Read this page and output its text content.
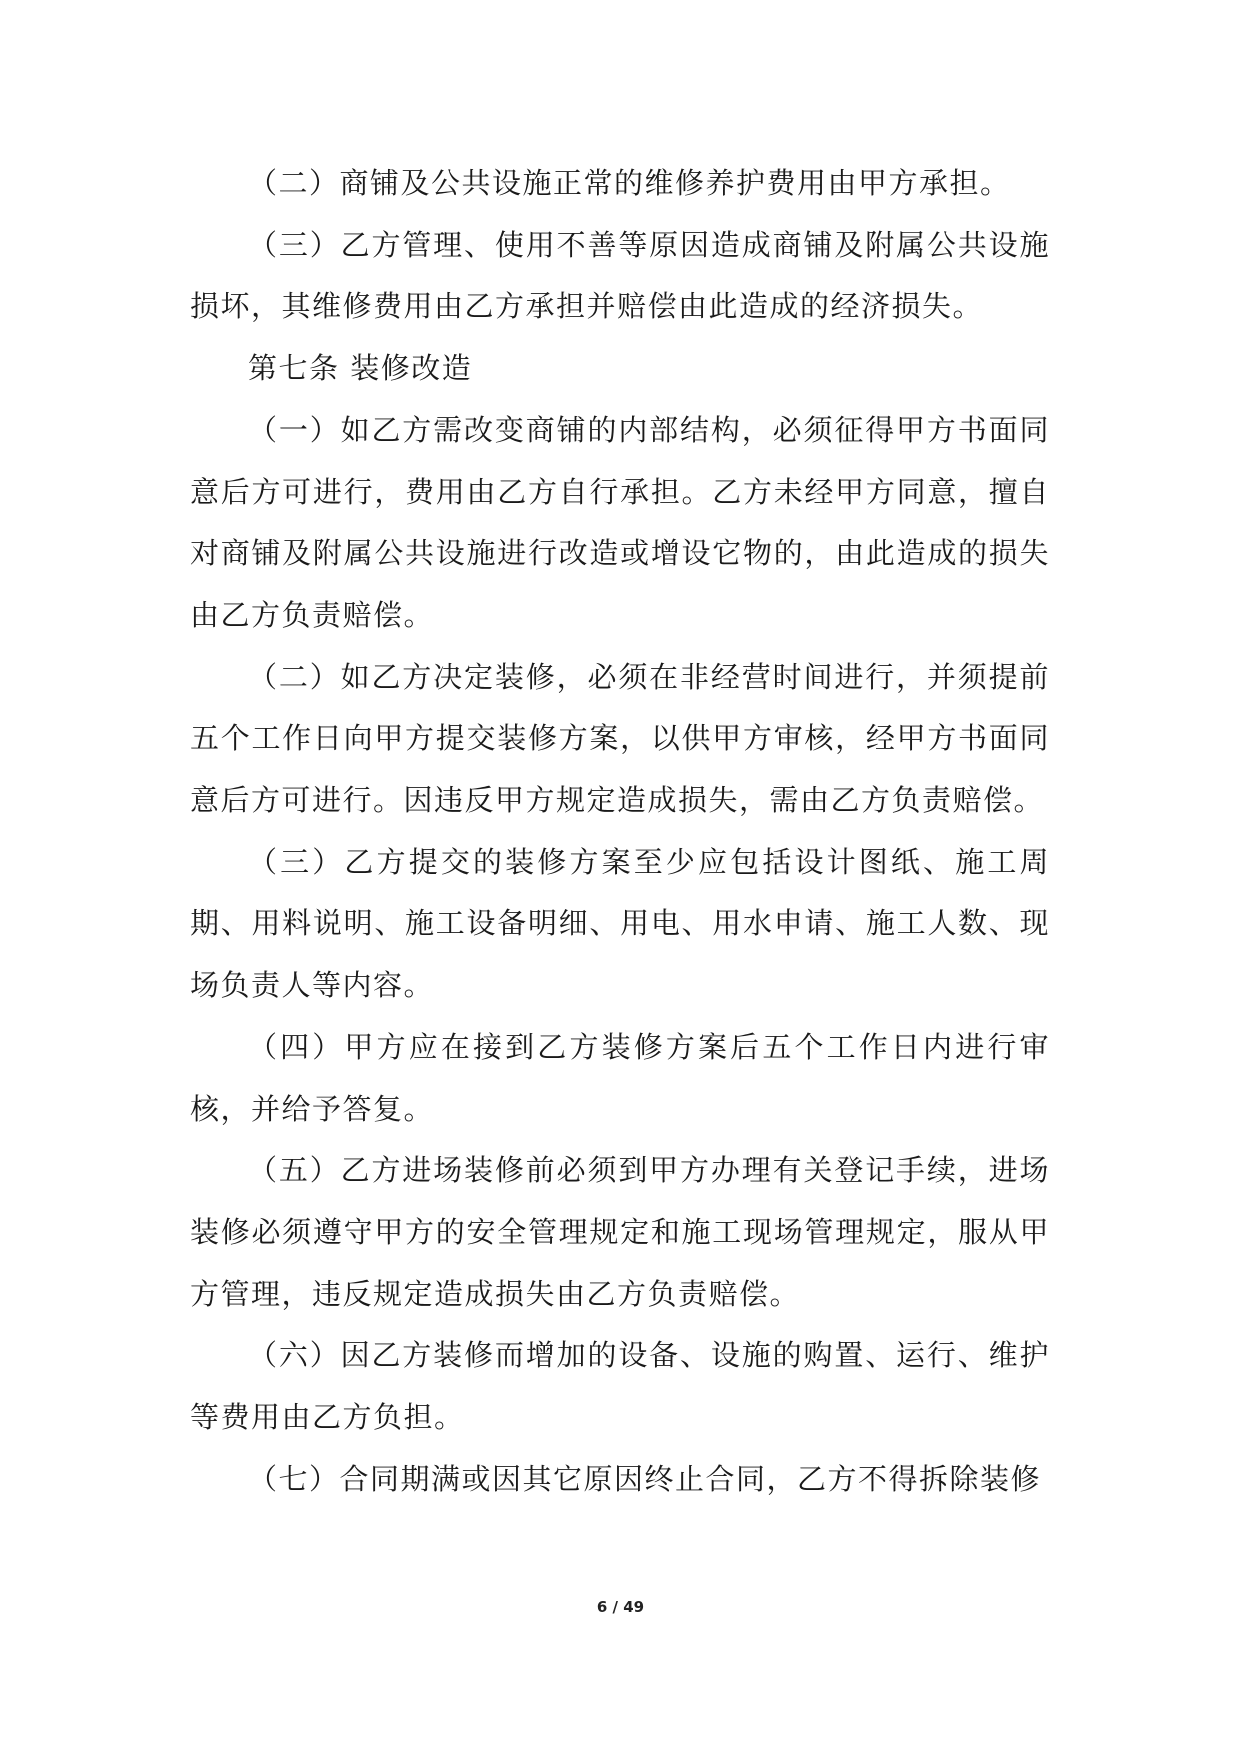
（二）商铺及公共设施正常的维修养护费用由甲方承担。

（三）乙方管理、使用不善等原因造成商铺及附属公共设施损坏，其维修费用由乙方承担并赔偿由此造成的经济损失。

第七条 装修改造

（一）如乙方需改变商铺的内部结构，必须征得甲方书面同意后方可进行，费用由乙方自行承担。乙方未经甲方同意，擅自对商铺及附属公共设施进行改造或增设它物的，由此造成的损失由乙方负责赔偿。

（二）如乙方决定装修，必须在非经营时间进行，并须提前五个工作日向甲方提交装修方案，以供甲方审核，经甲方书面同意后方可进行。因违反甲方规定造成损失，需由乙方负责赔偿。

（三）乙方提交的装修方案至少应包括设计图纸、施工周期、用料说明、施工设备明细、用电、用水申请、施工人数、现场负责人等内容。

（四）甲方应在接到乙方装修方案后五个工作日内进行审核，并给予答复。

（五）乙方进场装修前必须到甲方办理有关登记手续，进场装修必须遵守甲方的安全管理规定和施工现场管理规定，服从甲方管理，违反规定造成损失由乙方负责赔偿。

（六）因乙方装修而增加的设备、设施的购置、运行、维护等费用由乙方负担。

（七）合同期满或因其它原因终止合同，乙方不得拆除装修

6 / 49
